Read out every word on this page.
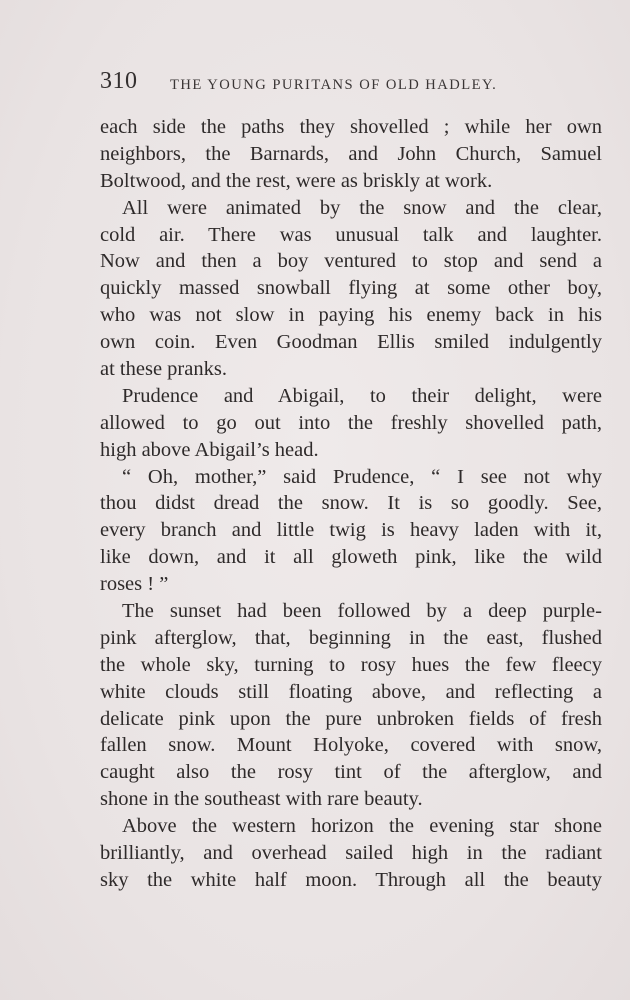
310 THE YOUNG PURITANS OF OLD HADLEY.
each side the paths they shovelled ; while her own
neighbors, the Barnards, and John Church, Samuel
Boltwood, and the rest, were as briskly at work.
All were animated by the snow and the clear,
cold air. There was unusual talk and laughter.
Now and then a boy ventured to stop and send a
quickly massed snowball flying at some other boy,
who was not slow in paying his enemy back in his
own coin. Even Goodman Ellis smiled indulgently
at these pranks.
Prudence and Abigail, to their delight, were
allowed to go out into the freshly shovelled path,
high above Abigail’s head.
“ Oh, mother,” said Prudence, “ I see not why
thou didst dread the snow. It is so goodly. See,
every branch and little twig is heavy laden with it,
like down, and it all gloweth pink, like the wild
roses ! ”
The sunset had been followed by a deep purple-
pink afterglow, that, beginning in the east, flushed
the whole sky, turning to rosy hues the few fleecy
white clouds still floating above, and reflecting a
delicate pink upon the pure unbroken fields of fresh
fallen snow. Mount Holyoke, covered with snow,
caught also the rosy tint of the afterglow, and
shone in the southeast with rare beauty.
Above the western horizon the evening star shone
brilliantly, and overhead sailed high in the radiant
sky the white half moon. Through all the beauty
